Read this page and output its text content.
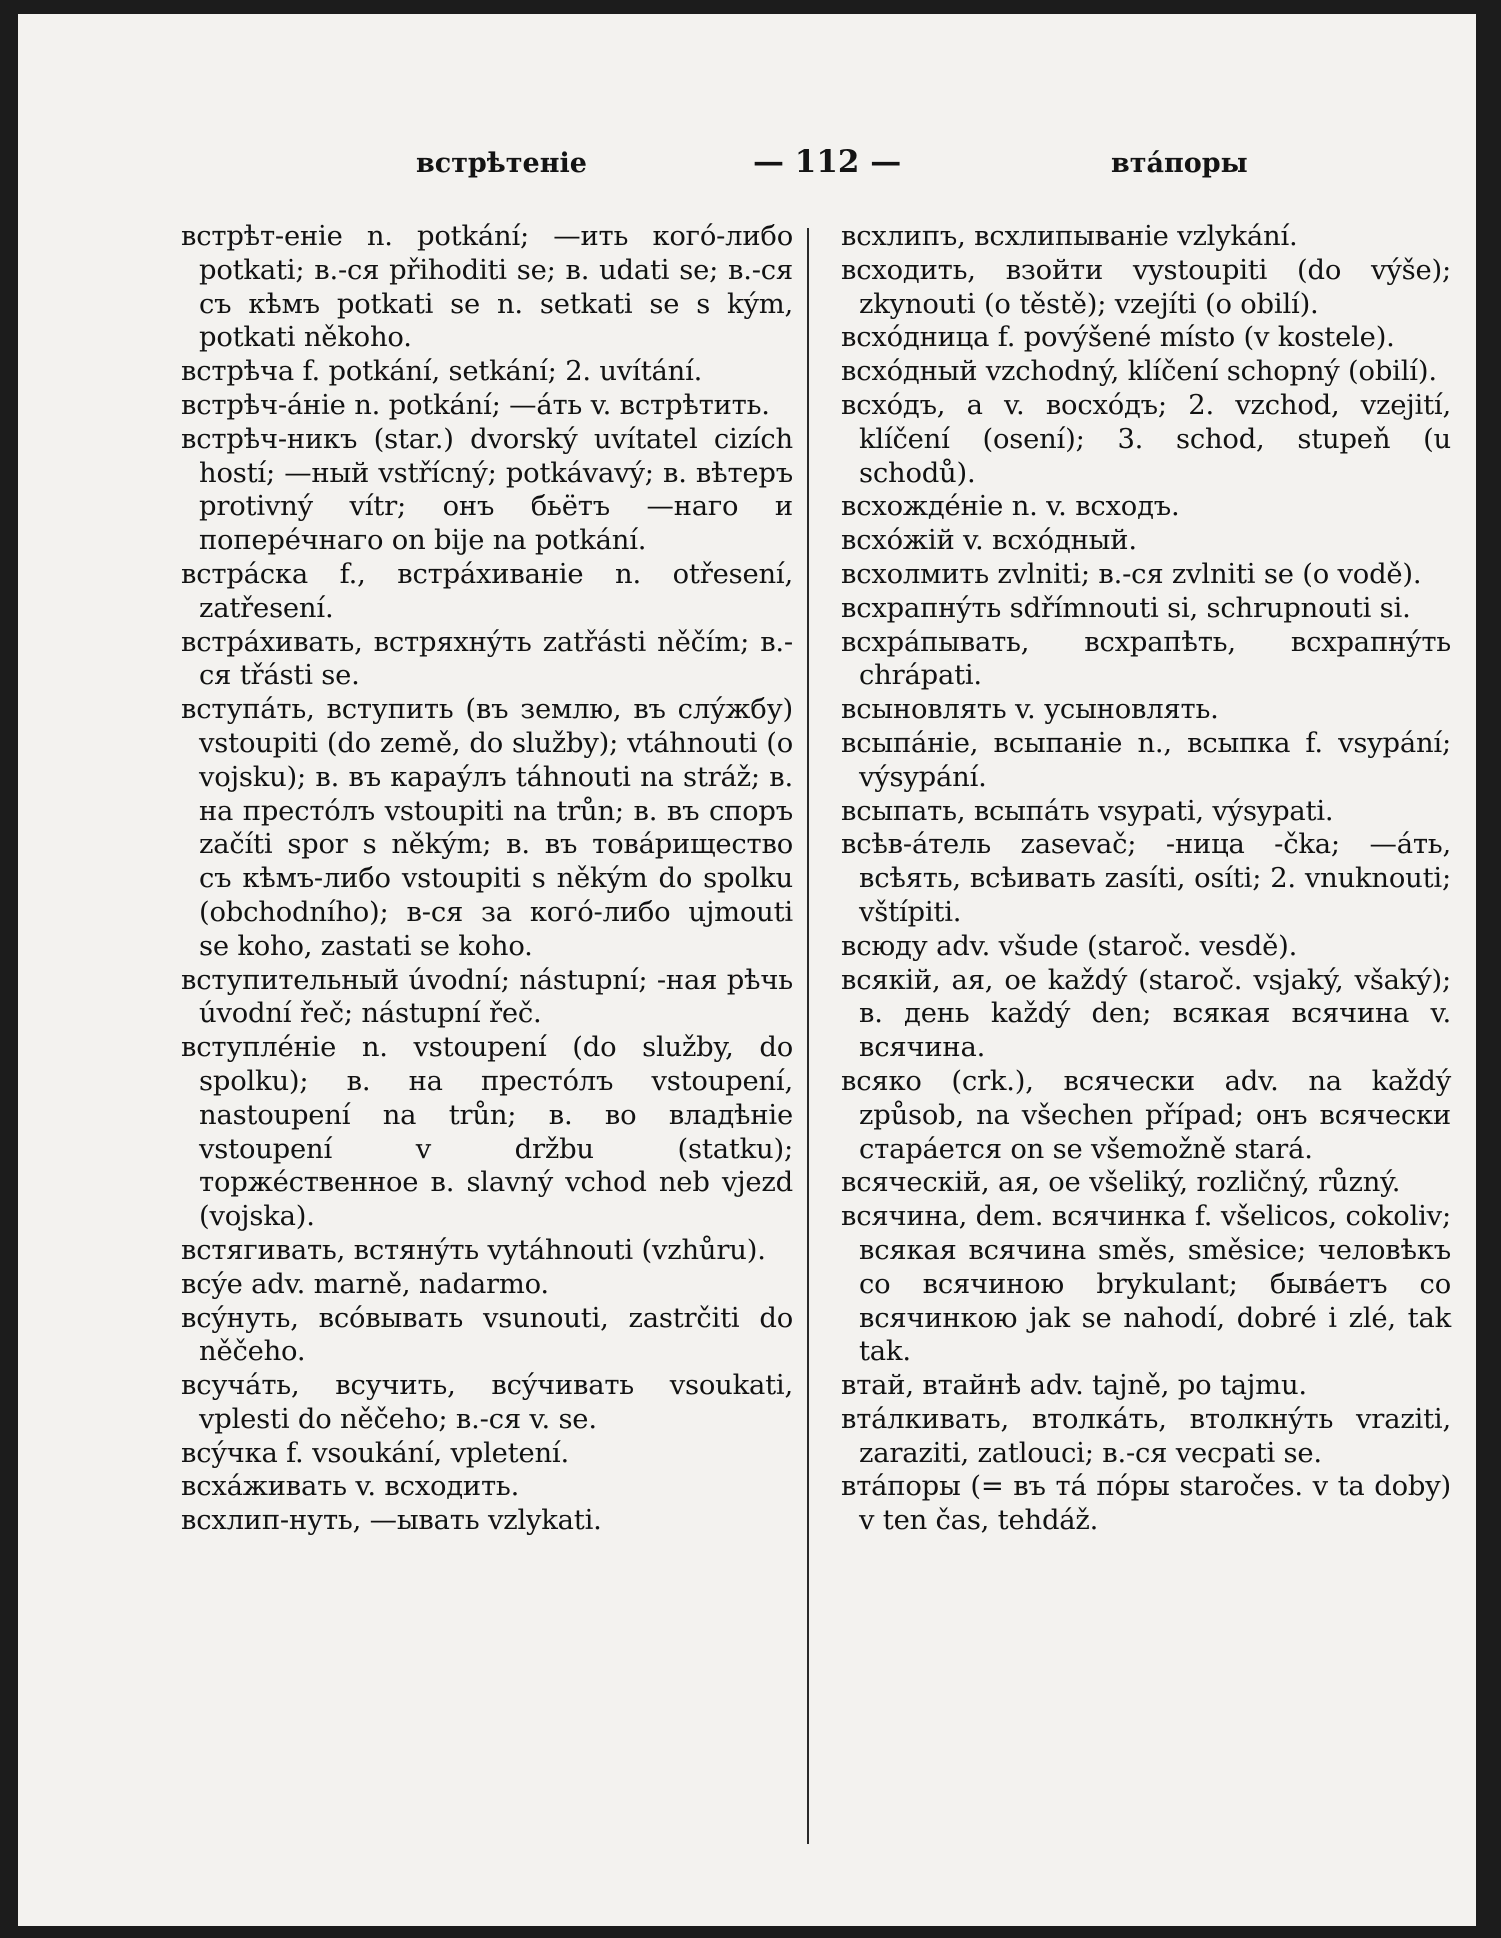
встрѣтеніе	— 112 —	втáпоры

встрѣт-еніе n. potkání; —ить когó-либо potkati; в.-ся přihoditi se; в. udati se; в.-ся съ кѣмъ potkati se n. setkati se s kým, potkati někoho.

встрѣча f. potkání, setkání; 2. uvítání.

встрѣч-áніе n. potkání; —áть v. встрѣтить.

встрѣч-никъ (star.) dvorský uvítatel cizích hostí; —ный vstřícný; potkávavý; в. вѣтеръ protivný vítr; онъ бьётъ —наго и поперéчнаго on bije na potkání.

встрáска f., встрáхиваніе n. otřesení, zatřesení.

встрáхивать, встряхнýть zatřásti něčím; в.-ся třásti se.

вступáть, вступить (въ землю, въ слýжбу) vstoupiti (do země, do služby); vtáhnouti (o vojsku); в. въ караýлъ táhnouti na stráž; в. на престóлъ vstoupiti na trůn; в. въ споръ začíti spor s někým; в. въ товáрищество съ кѣмъ-либо vstoupiti s někým do spolku (obchodního); в-ся за когó-либо ujmouti se koho, zastati se koho.

вступительный úvodní; nástupní; -ная рѣчь úvodní řeč; nástupní řeč.

вступлéніе n. vstoupení (do služby, do spolku); в. на престóлъ vstoupení, nastoupení na trůn; в. во владѣніе vstoupení v držbu (statku); торжéственное в. slavný vchod neb vjezd (vojska).

встягивать, встянýть vytáhnouti (vzhůru).

всýе adv. marně, nadarmo.

всýнуть, всóвывать vsunouti, zastrčiti do něčeho.

всучáть, всучить, всýчивать vsoukati, vplesti do něčeho; в.-ся v. se.

всýчка f. vsoukání, vpletení.

всхáживать v. всходить.

всхлип-нуть, —ывать vzlykati.

всхлипъ, всхлипываніе vzlykání.

всходить, взойти vystoupiti (do výše); zkynouti (o těstě); vzejíti (o obilí).

всхóдница f. povýšené místo (v kostele).

всхóдный vzchodný, klíčení schopný (obilí).

всхóдъ, а v. восхóдъ; 2. vzchod, vzejití, klíčení (osení); 3. schod, stupeň (u schodů).

всхождéніе n. v. всходъ.

всхóжій v. всхóдный.

всхолмить zvlniti; в.-ся zvlniti se (o vodě).

всхрапнýть sdřímnouti si, schrupnouti si.

всхрáпывать, всхрапѣть, всхрапнýть chrápati.

всыновлять v. усыновлять.

всыпáніе, всыпаніе n., всыпка f. vsypání; výsypání.

всыпать, всыпáть vsypati, výsypati.

всѣв-áтель zasevač; -ница -čka; —áть, всѣять, всѣивать zasíti, osíti; 2. vnuknouti; vštípiti.

всюду adv. všude (staroč. vesdě).

всякій, ая, ое každý (staroč. vsjaký, všaký); в. день každý den; всякая всячина v. всячина.

всяко (crk.), всячески adv. na každý způsob, na všechen případ; онъ всячески старáется on se všemožně stará.

всяческій, ая, ое všeliký, rozličný, různý.

всячина, dem. всячинка f. všelicos, cokoliv; всякая всячина směs, směsice; человѣкъ со всячиною brykulant; бывáетъ со всячинкою jak se nahodí, dobré i zlé, tak tak.

втай, втайнѣ adv. tajně, po tajmu.

втáлкивать, втолкáть, втолкнýть vraziti, zaraziti, zatlouci; в.-ся vecpati se.

втáпоры (= въ тá пóры staročes. v ta doby) v ten čas, tehdáž.
